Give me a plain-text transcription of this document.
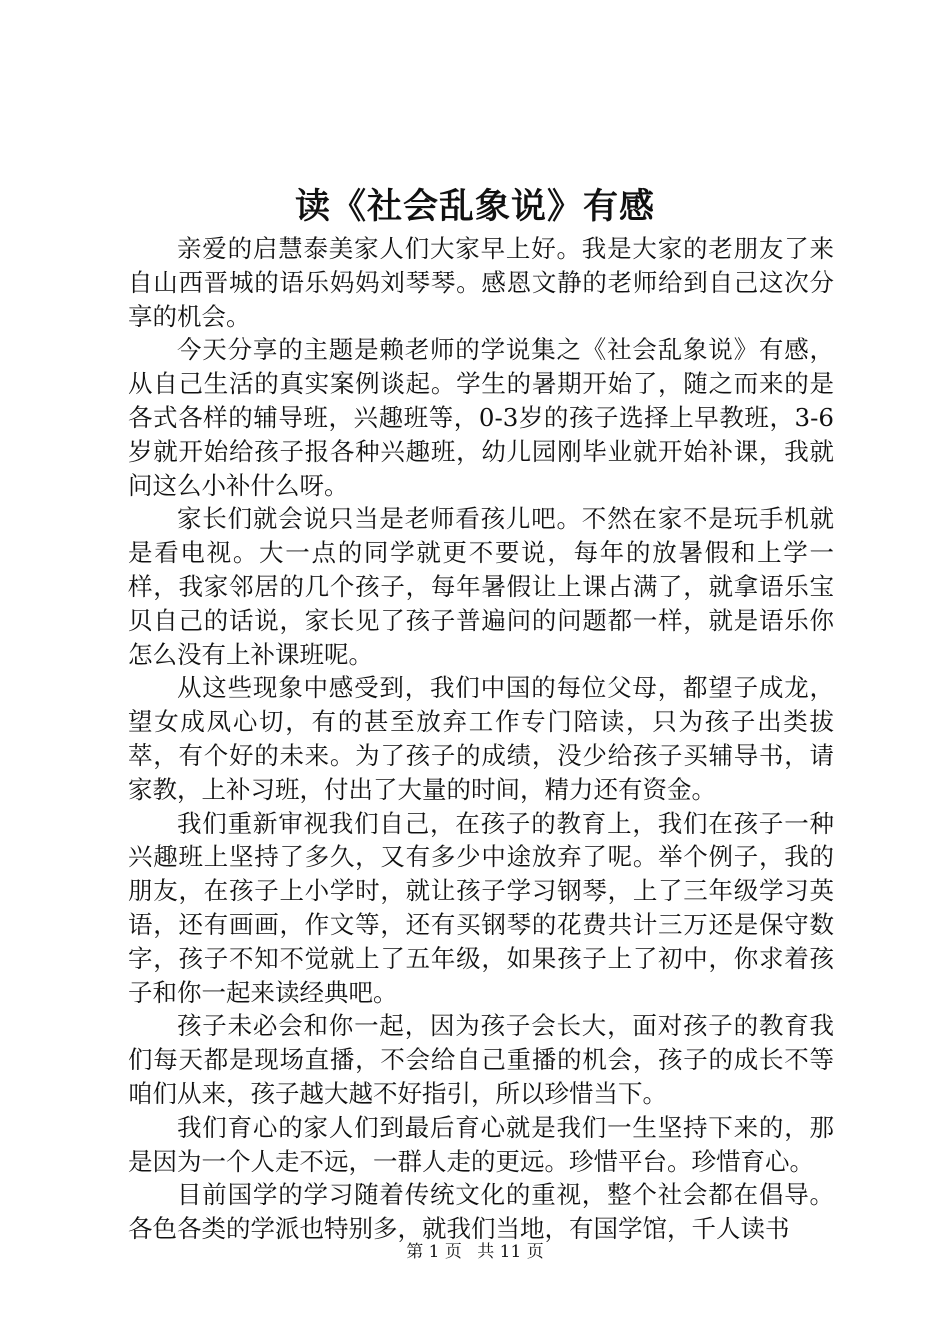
读《社会乱象说》有感

亲爱的启慧泰美家人们大家早上好。我是大家的老朋友了来自山西晋城的语乐妈妈刘琴琴。感恩文静的老师给到自己这次分享的机会。

今天分享的主题是赖老师的学说集之《社会乱象说》有感，从自己生活的真实案例谈起。学生的暑期开始了，随之而来的是各式各样的辅导班，兴趣班等，0-3岁的孩子选择上早教班，3-6岁就开始给孩子报各种兴趣班，幼儿园刚毕业就开始补课，我就问这么小补什么呀。

家长们就会说只当是老师看孩儿吧。不然在家不是玩手机就是看电视。大一点的同学就更不要说，每年的放暑假和上学一样，我家邻居的几个孩子，每年暑假让上课占满了，就拿语乐宝贝自己的话说，家长见了孩子普遍问的问题都一样，就是语乐你怎么没有上补课班呢。

从这些现象中感受到，我们中国的每位父母，都望子成龙，望女成凤心切，有的甚至放弃工作专门陪读，只为孩子出类拔萃，有个好的未来。为了孩子的成绩，没少给孩子买辅导书，请家教，上补习班，付出了大量的时间，精力还有资金。

我们重新审视我们自己，在孩子的教育上，我们在孩子一种兴趣班上坚持了多久，又有多少中途放弃了呢。举个例子，我的朋友，在孩子上小学时，就让孩子学习钢琴，上了三年级学习英语，还有画画，作文等，还有买钢琴的花费共计三万还是保守数字，孩子不知不觉就上了五年级，如果孩子上了初中，你求着孩子和你一起来读经典吧。

孩子未必会和你一起，因为孩子会长大，面对孩子的教育我们每天都是现场直播，不会给自己重播的机会，孩子的成长不等咱们从来，孩子越大越不好指引，所以珍惜当下。

我们育心的家人们到最后育心就是我们一生坚持下来的，那是因为一个人走不远，一群人走的更远。珍惜平台。珍惜育心。

目前国学的学习随着传统文化的重视，整个社会都在倡导。各色各类的学派也特别多，就我们当地，有国学馆，千人读书

第 1 页 共 11 页
